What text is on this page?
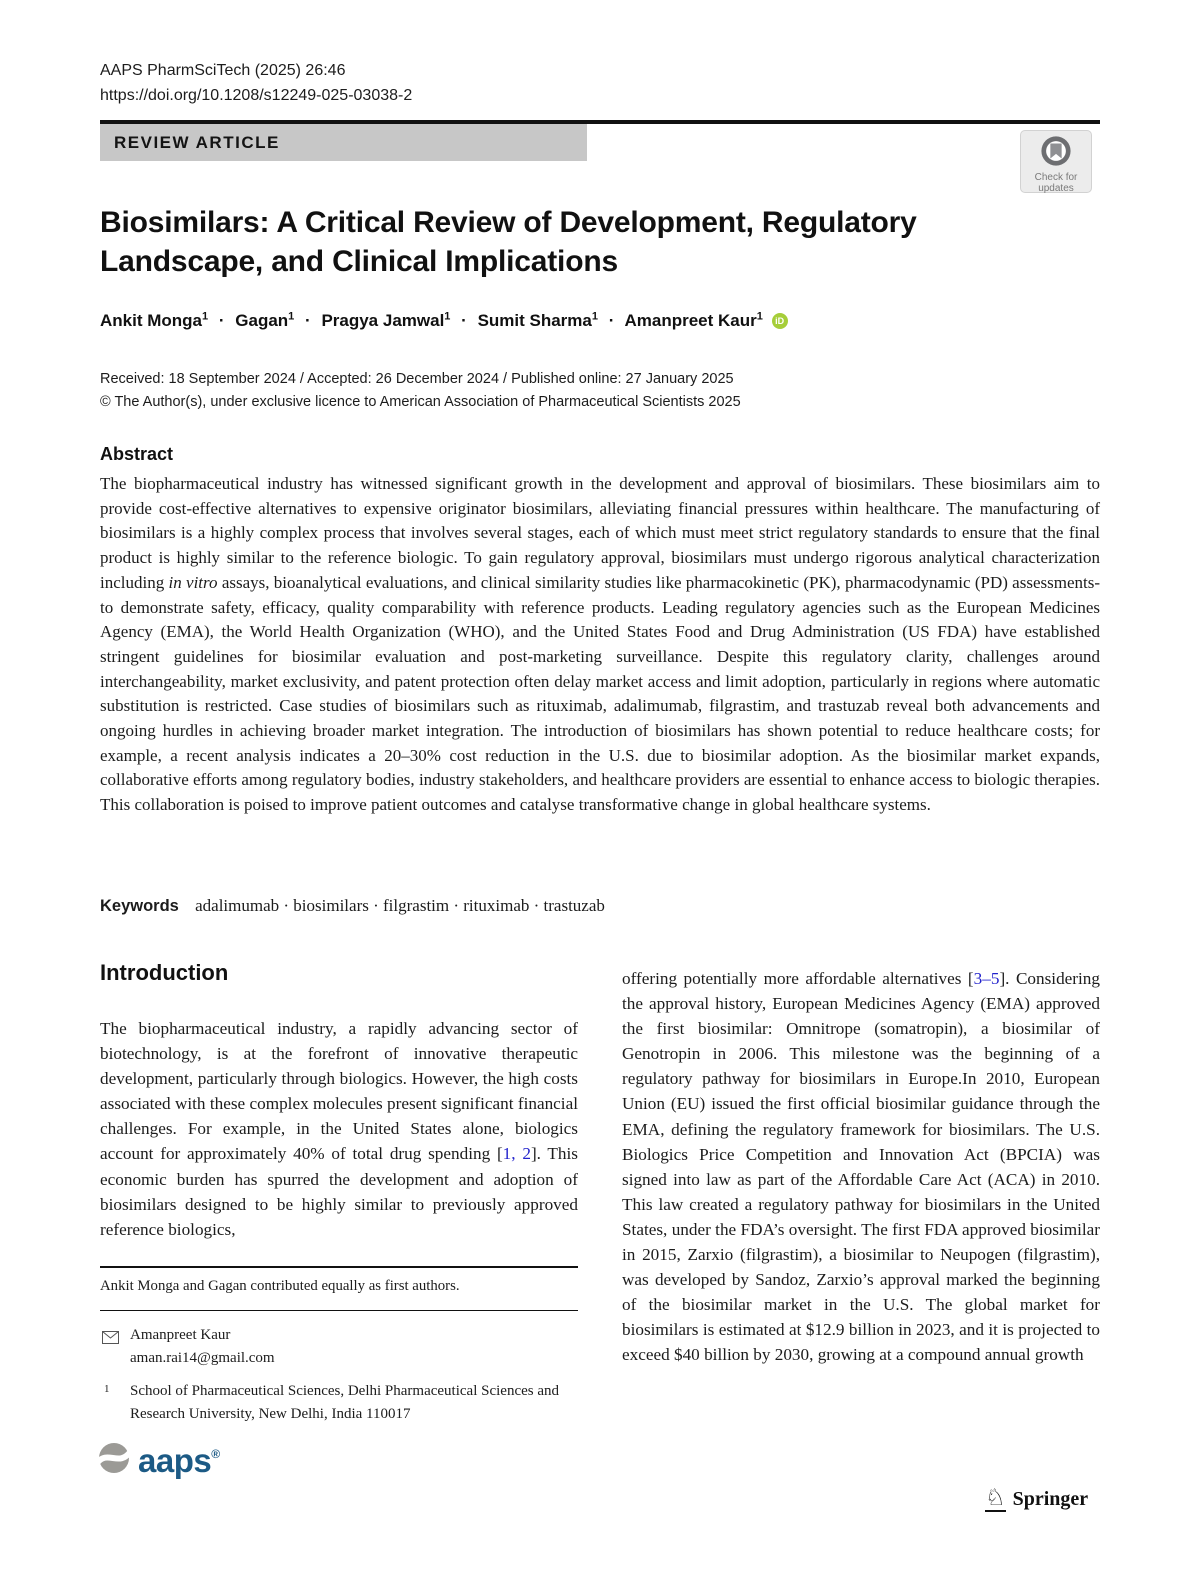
AAPS PharmSciTech (2025) 26:46
https://doi.org/10.1208/s12249-025-03038-2
REVIEW ARTICLE
Check for
updates
Biosimilars: A Critical Review of Development, Regulatory Landscape, and Clinical Implications
Ankit Monga$^1$ · Gagan$^1$ · Pragya Jamwal$^1$ · Sumit Sharma$^1$ · Amanpreet Kaur$^1$ iD
Received: 18 September 2024 / Accepted: 26 December 2024 / Published online: 27 January 2025
© The Author(s), under exclusive licence to American Association of Pharmaceutical Scientists 2025
Abstract
The biopharmaceutical industry has witnessed significant growth in the development and approval of biosimilars. These biosimilars aim to provide cost-effective alternatives to expensive originator biosimilars, alleviating financial pressures within healthcare. The manufacturing of biosimilars is a highly complex process that involves several stages, each of which must meet strict regulatory standards to ensure that the final product is highly similar to the reference biologic. To gain regulatory approval, biosimilars must undergo rigorous analytical characterization including in vitro assays, bioanalytical evaluations, and clinical similarity studies like pharmacokinetic (PK), pharmacodynamic (PD) assessments-to demonstrate safety, efficacy, quality comparability with reference products. Leading regulatory agencies such as the European Medicines Agency (EMA), the World Health Organization (WHO), and the United States Food and Drug Administration (US FDA) have established stringent guidelines for biosimilar evaluation and post-marketing surveillance. Despite this regulatory clarity, challenges around interchangeability, market exclusivity, and patent protection often delay market access and limit adoption, particularly in regions where automatic substitution is restricted. Case studies of biosimilars such as rituximab, adalimumab, filgrastim, and trastuzab reveal both advancements and ongoing hurdles in achieving broader market integration. The introduction of biosimilars has shown potential to reduce healthcare costs; for example, a recent analysis indicates a 20–30% cost reduction in the U.S. due to biosimilar adoption. As the biosimilar market expands, collaborative efforts among regulatory bodies, industry stakeholders, and healthcare providers are essential to enhance access to biologic therapies. This collaboration is poised to improve patient outcomes and catalyse transformative change in global healthcare systems.
Keywords adalimumab · biosimilars · filgrastim · rituximab · trastuzab
Introduction
The biopharmaceutical industry, a rapidly advancing sector of biotechnology, is at the forefront of innovative therapeutic development, particularly through biologics. However, the high costs associated with these complex molecules present significant financial challenges. For example, in the United States alone, biologics account for approximately 40% of total drug spending [1, 2]. This economic burden has spurred the development and adoption of biosimilars designed to be highly similar to previously approved reference biologics,
offering potentially more affordable alternatives [3–5]. Considering the approval history, European Medicines Agency (EMA) approved the first biosimilar: Omnitrope (somatropin), a biosimilar of Genotropin in 2006. This milestone was the beginning of a regulatory pathway for biosimilars in Europe.In 2010, European Union (EU) issued the first official biosimilar guidance through the EMA, defining the regulatory framework for biosimilars. The U.S. Biologics Price Competition and Innovation Act (BPCIA) was signed into law as part of the Affordable Care Act (ACA) in 2010. This law created a regulatory pathway for biosimilars in the United States, under the FDA’s oversight. The first FDA approved biosimilar in 2015, Zarxio (filgrastim), a biosimilar to Neupogen (filgrastim), was developed by Sandoz, Zarxio’s approval marked the beginning of the biosimilar market in the U.S. The global market for biosimilars is estimated at $12.9 billion in 2023, and it is projected to exceed $40 billion by 2030, growing at a compound annual growth
Ankit Monga and Gagan contributed equally as first authors.
Amanpreet Kaur
aman.rai14@gmail.com
1 School of Pharmaceutical Sciences, Delhi Pharmaceutical Sciences and Research University, New Delhi, India 110017
aaps®
♘ Springer
